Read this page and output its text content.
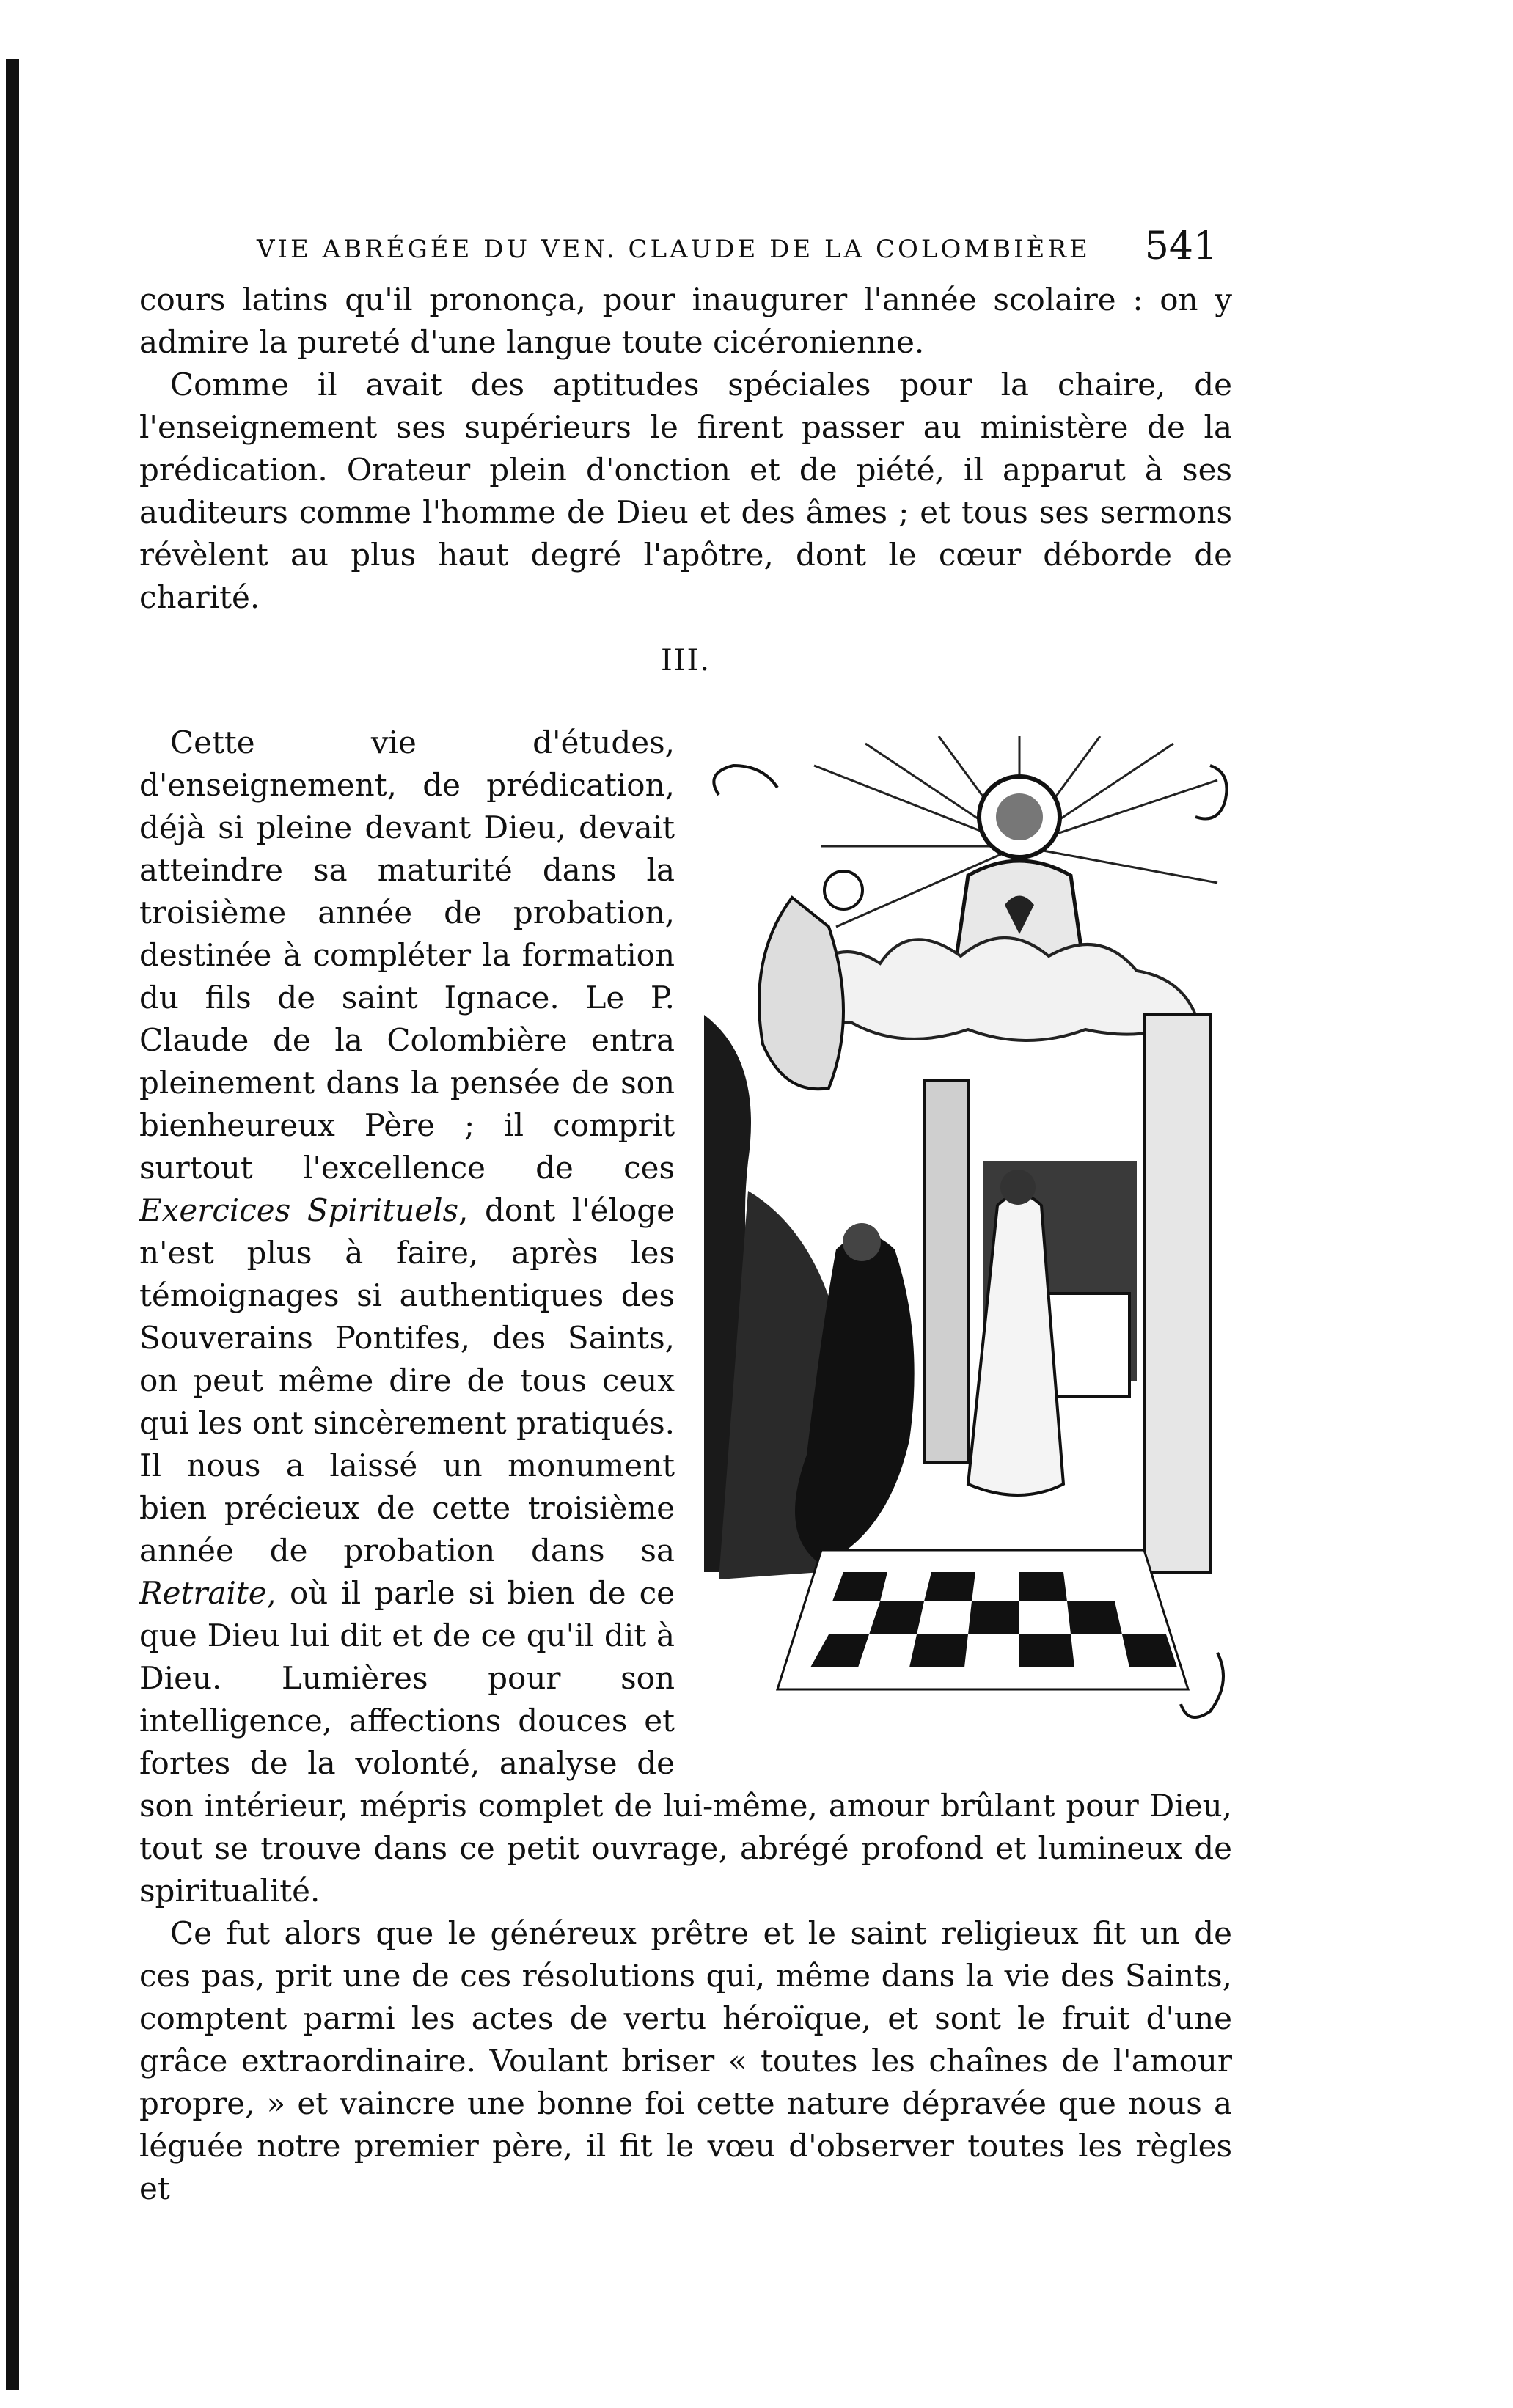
VIE ABRÉGÉE DU VEN. CLAUDE DE LA COLOMBIÈRE 541

cours latins qu'il prononça, pour inaugurer l'année scolaire : on y admire la pureté d'une langue toute cicéronienne.

Comme il avait des aptitudes spéciales pour la chaire, de l'enseignement ses supérieurs le firent passer au ministère de la prédication. Orateur plein d'onction et de piété, il apparut à ses auditeurs comme l'homme de Dieu et des âmes ; et tous ses sermons révèlent au plus haut degré l'apôtre, dont le cœur déborde de charité.

III.

Cette vie d'études, d'enseignement, de prédication, déjà si pleine devant Dieu, devait atteindre sa maturité dans la troisième année de probation, destinée à compléter la formation du fils de saint Ignace. Le P. Claude de la Colombière entra pleinement dans la pensée de son bienheureux Père ; il comprit surtout l'excellence de ces Exercices Spirituels, dont l'éloge n'est plus à faire, après les témoignages si authentiques des Souverains Pontifes, des Saints, on peut même dire de tous ceux qui les ont sincèrement pratiqués. Il nous a laissé un monument bien précieux de cette troisième année de probation dans sa Retraite, où il parle si bien de ce que Dieu lui dit et de ce qu'il dit à Dieu. Lumières pour son intelligence, affections douces et fortes de la volonté, analyse de son intérieur, mépris complet de lui-même, amour brûlant pour Dieu, tout se trouve dans ce petit ouvrage, abrégé profond et lumineux de spiritualité.

Ce fut alors que le généreux prêtre et le saint religieux fit un de ces pas, prit une de ces résolutions qui, même dans la vie des Saints, comptent parmi les actes de vertu héroïque, et sont le fruit d'une grâce extraordinaire. Voulant briser « toutes les chaînes de l'amour propre, » et vaincre une bonne foi cette nature dépravée que nous a léguée notre premier père, il fit le vœu d'observer toutes les règles et
